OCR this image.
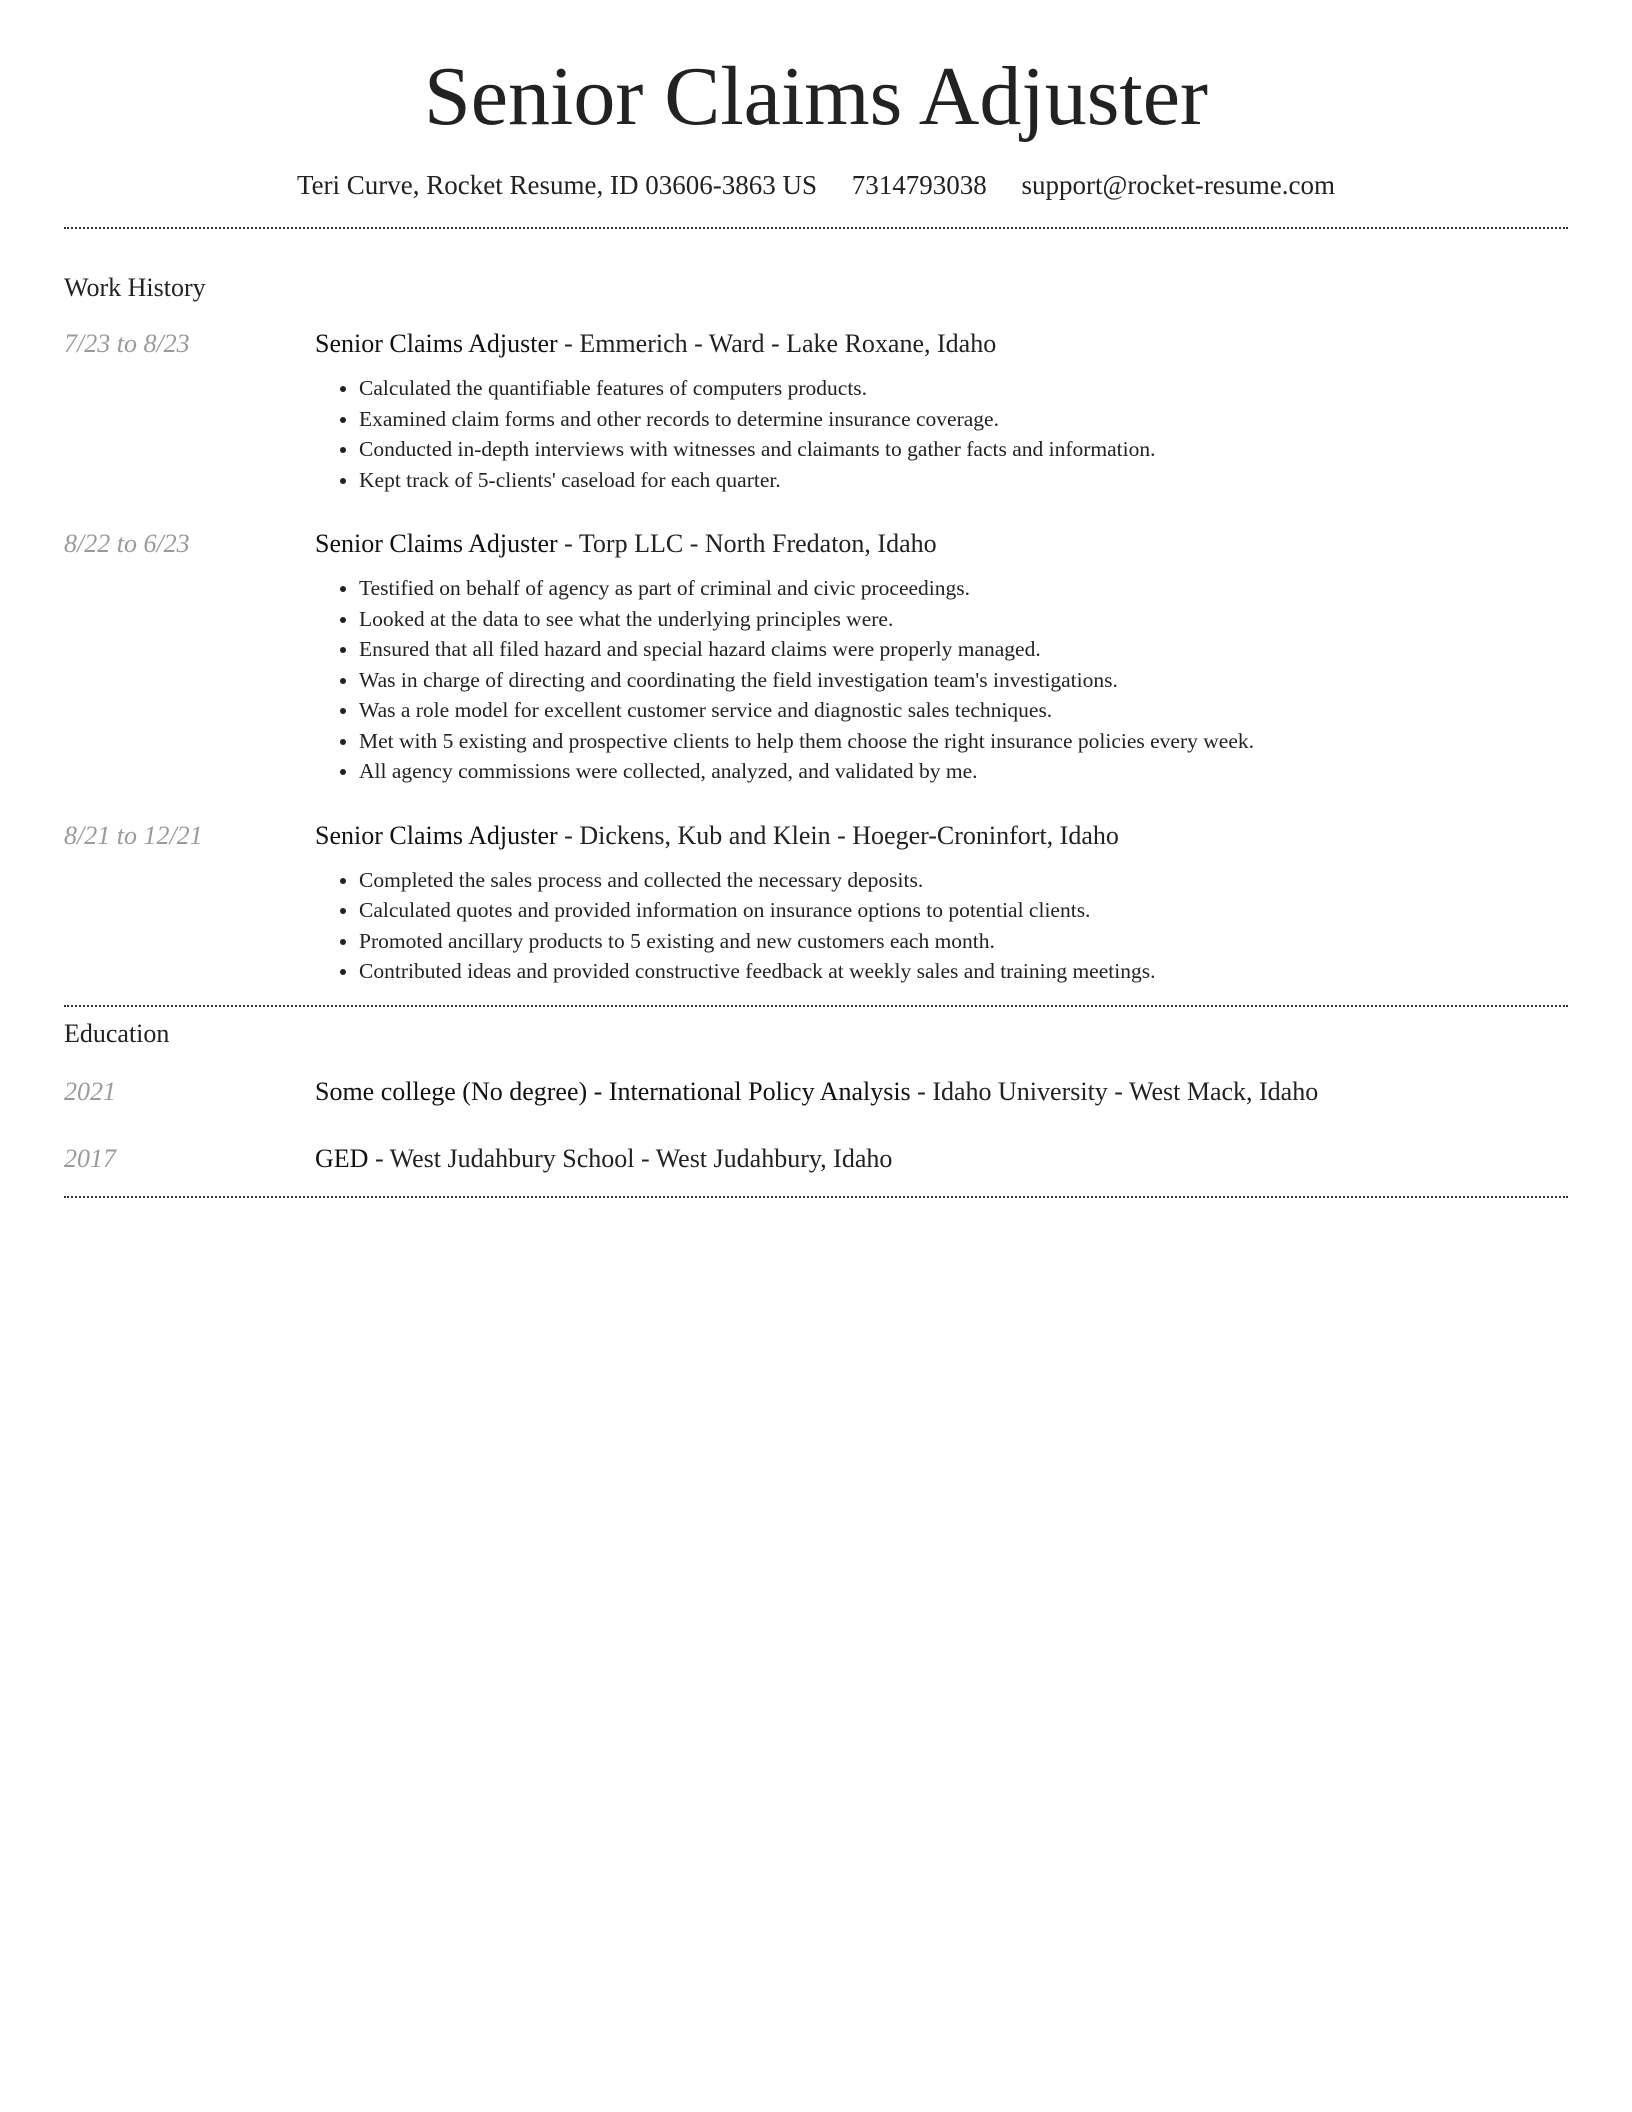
Senior Claims Adjuster
Teri Curve, Rocket Resume, ID 03606-3863 US 7314793038 support@rocket-resume.com
Work History
7/23 to 8/23	Senior Claims Adjuster - Emmerich - Ward - Lake Roxane, Idaho
• Calculated the quantifiable features of computers products.
• Examined claim forms and other records to determine insurance coverage.
• Conducted in-depth interviews with witnesses and claimants to gather facts and information.
• Kept track of 5-clients' caseload for each quarter.
8/22 to 6/23	Senior Claims Adjuster - Torp LLC - North Fredaton, Idaho
• Testified on behalf of agency as part of criminal and civic proceedings.
• Looked at the data to see what the underlying principles were.
• Ensured that all filed hazard and special hazard claims were properly managed.
• Was in charge of directing and coordinating the field investigation team's investigations.
• Was a role model for excellent customer service and diagnostic sales techniques.
• Met with 5 existing and prospective clients to help them choose the right insurance policies every week.
• All agency commissions were collected, analyzed, and validated by me.
8/21 to 12/21	Senior Claims Adjuster - Dickens, Kub and Klein - Hoeger-Croninfort, Idaho
• Completed the sales process and collected the necessary deposits.
• Calculated quotes and provided information on insurance options to potential clients.
• Promoted ancillary products to 5 existing and new customers each month.
• Contributed ideas and provided constructive feedback at weekly sales and training meetings.
Education
2021	Some college (No degree) - International Policy Analysis - Idaho University - West Mack, Idaho
2017	GED - West Judahbury School - West Judahbury, Idaho
